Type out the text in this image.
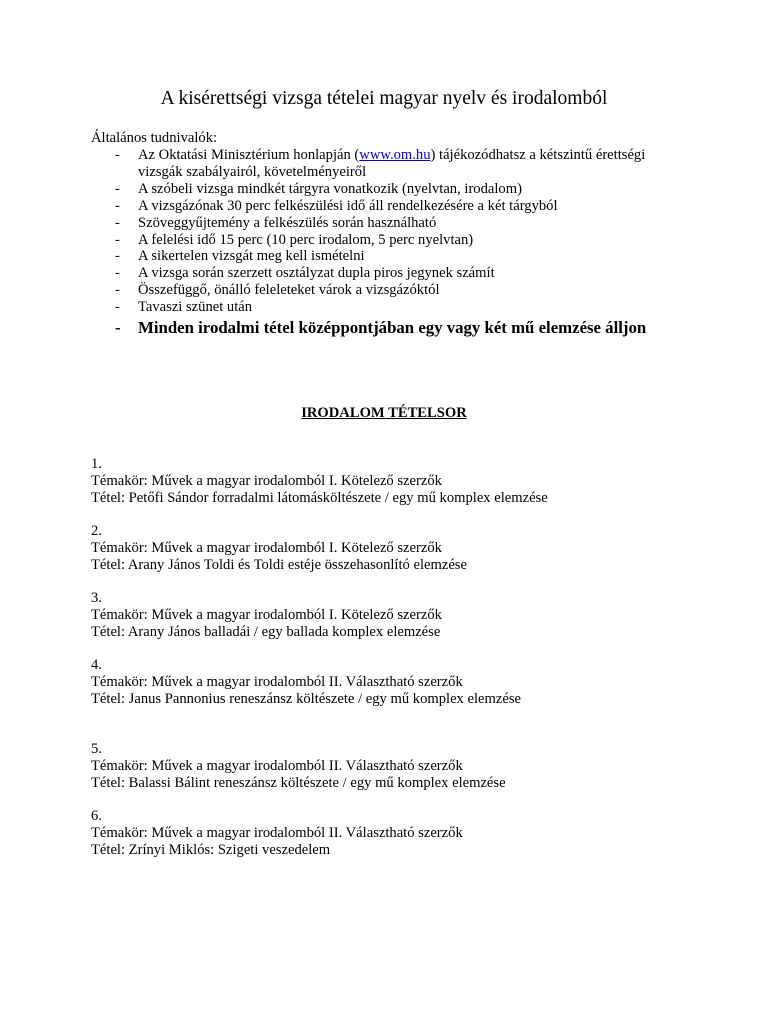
A kisérettségi vizsga tételei magyar nyelv és irodalomból
Általános tudnivalók:
- Az Oktatási Minisztérium honlapján (www.om.hu) tájékozódhatsz a kétszintű érettségi vizsgák szabályairól, követelményeiről
- A szóbeli vizsga mindkét tárgyra vonatkozik (nyelvtan, irodalom)
- A vizsgázónak 30 perc felkészülési idő áll rendelkezésére a két tárgyból
- Szöveggyűjtemény a felkészülés során használható
- A felelési idő 15 perc (10 perc irodalom, 5 perc nyelvtan)
- A sikertelen vizsgát meg kell ismételni
- A vizsga során szerzett osztályzat dupla piros jegynek számít
- Összefüggő, önálló feleleteket várok a vizsgázóktól
- Tavaszi szünet után
- Minden irodalmi tétel középpontjában egy vagy két mű elemzése álljon
IRODALOM TÉTELSOR
1.
Témakör: Művek a magyar irodalomból I. Kötelező szerzők
Tétel: Petőfi Sándor forradalmi látomásköltészete / egy mű komplex elemzése
2.
Témakör: Művek a magyar irodalomból I. Kötelező szerzők
Tétel: Arany János Toldi és Toldi estéje összehasonlító elemzése
3.
Témakör: Művek a magyar irodalomból I. Kötelező szerzők
Tétel: Arany János balladái / egy ballada komplex elemzése
4.
Témakör: Művek a magyar irodalomból II. Választható szerzők
Tétel: Janus Pannonius reneszánsz költészete / egy mű komplex elemzése
5.
Témakör: Művek a magyar irodalomból II. Választható szerzők
Tétel: Balassi Bálint reneszánsz költészete / egy mű komplex elemzése
6.
Témakör: Művek a magyar irodalomból II. Választható szerzők
Tétel: Zrínyi Miklós: Szigeti veszedelem
